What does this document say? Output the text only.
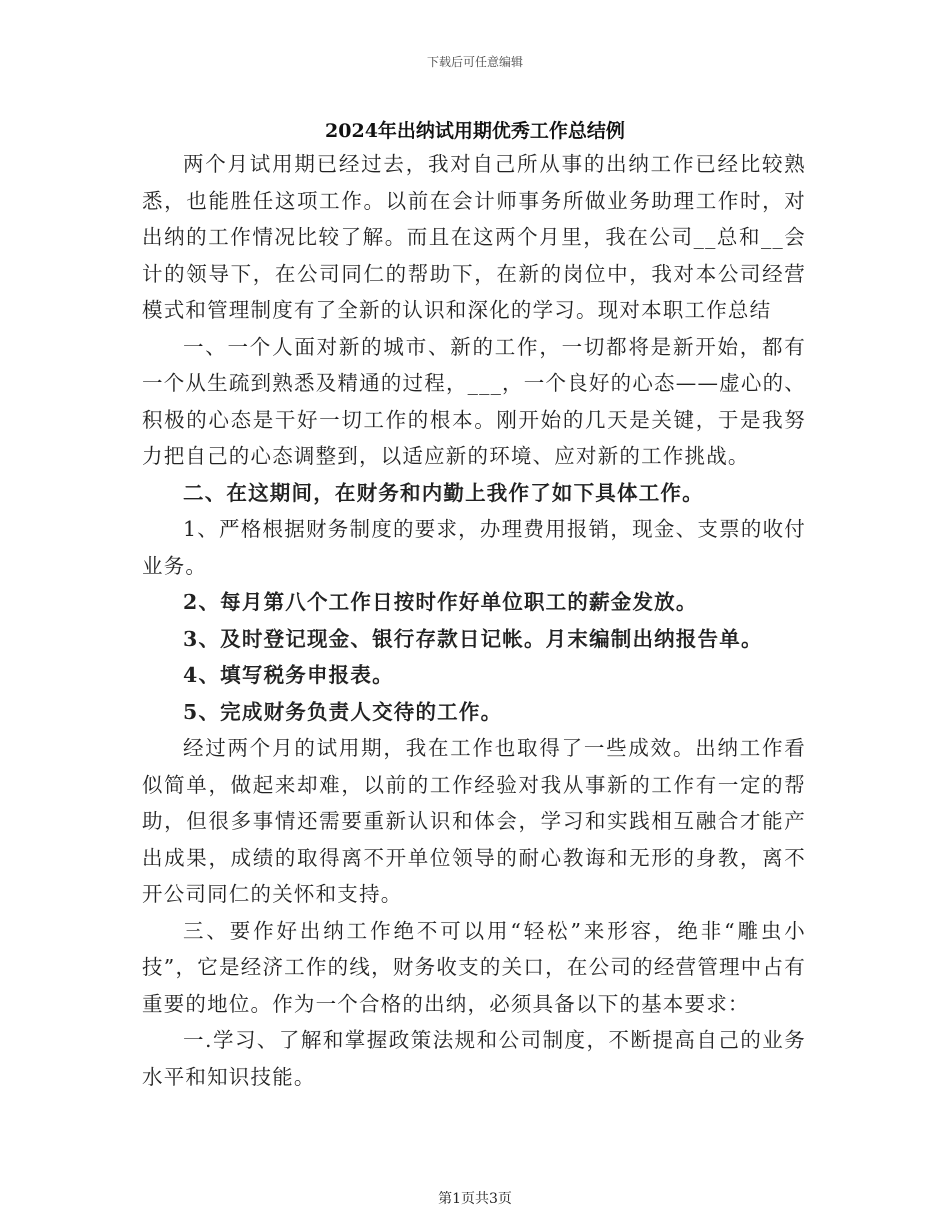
下载后可任意编辑
2024年出纳试用期优秀工作总结例

两个月试用期已经过去，我对自己所从事的出纳工作已经比较熟悉，也能胜任这项工作。以前在会计师事务所做业务助理工作时，对出纳的工作情况比较了解。而且在这两个月里，我在公司__总和__会计的领导下，在公司同仁的帮助下，在新的岗位中，我对本公司经营模式和管理制度有了全新的认识和深化的学习。现对本职工作总结

一、一个人面对新的城市、新的工作，一切都将是新开始，都有一个从生疏到熟悉及精通的过程，___，一个良好的心态——虚心的、积极的心态是干好一切工作的根本。刚开始的几天是关键，于是我努力把自己的心态调整到，以适应新的环境、应对新的工作挑战。

二、在这期间，在财务和内勤上我作了如下具体工作。

1、严格根据财务制度的要求，办理费用报销，现金、支票的收付业务。

2、每月第八个工作日按时作好单位职工的薪金发放。

3、及时登记现金、银行存款日记帐。月末编制出纳报告单。

4、填写税务申报表。

5、完成财务负责人交待的工作。

经过两个月的试用期，我在工作也取得了一些成效。出纳工作看似简单，做起来却难，以前的工作经验对我从事新的工作有一定的帮助，但很多事情还需要重新认识和体会，学习和实践相互融合才能产出成果，成绩的取得离不开单位领导的耐心教诲和无形的身教，离不开公司同仁的关怀和支持。

三、要作好出纳工作绝不可以用“轻松”来形容，绝非“雕虫小技”，它是经济工作的线，财务收支的关口，在公司的经营管理中占有重要的地位。作为一个合格的出纳，必须具备以下的基本要求：

一.学习、了解和掌握政策法规和公司制度，不断提高自己的业务水平和知识技能。

第1页共3页
